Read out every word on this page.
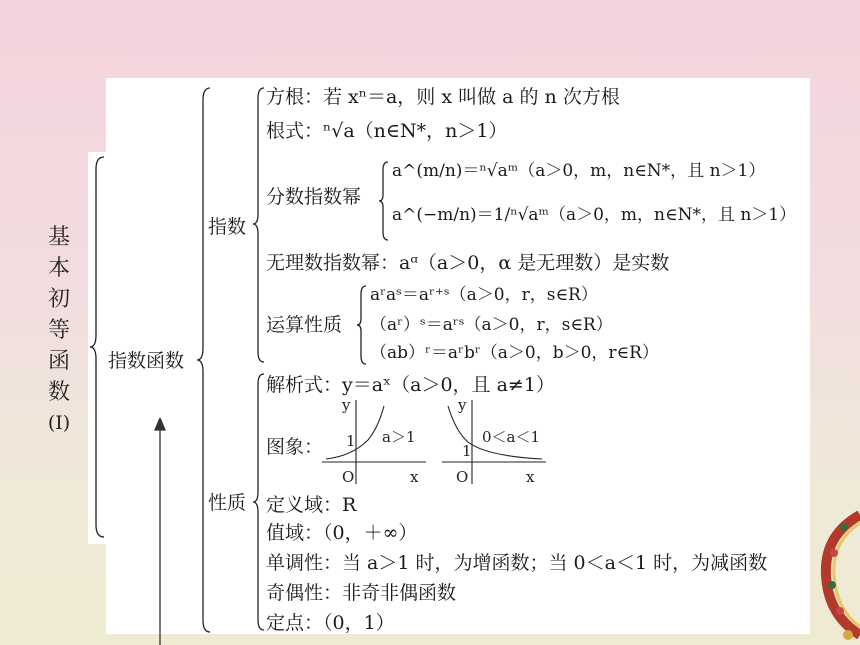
基
本
初
等
函
数
(Ⅰ)
指数函数
指数
性质
方根：若 xⁿ＝a，则 x 叫做 a 的 n 次方根
根式：ⁿ√a（n∈N*，n＞1）
分数指数幂
a^(m/n)＝ⁿ√aᵐ（a＞0，m，n∈N*，且 n＞1）
a^(−m/n)＝1/ⁿ√aᵐ（a＞0，m，n∈N*，且 n＞1）
无理数指数幂：aᵅ（a＞0，α 是无理数）是实数
运算性质
aʳaˢ＝aʳ⁺ˢ（a＞0，r，s∈R）
（aʳ）ˢ＝aʳˢ（a＞0，r，s∈R）
（ab）ʳ＝aʳbʳ（a＞0，b＞0，r∈R）
解析式：y＝aˣ（a＞0，且 a≠1）
图象：
y
x
O
1 a＞1
y
x
O
1
0＜a＜1
定义域：R
值域：（0，＋∞）
单调性：当 a＞1 时，为增函数；当 0＜a＜1 时，为减函数
奇偶性：非奇非偶函数
定点：（0，1）
